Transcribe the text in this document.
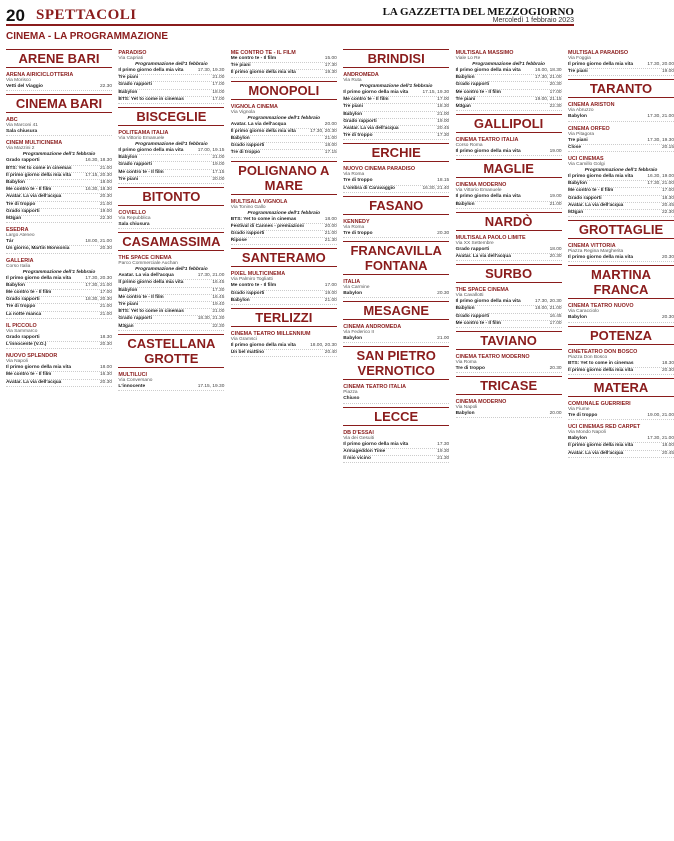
20 SPETTACOLI	LA GAZZETTA DEL MEZZOGIORNO
Mercoledì 1 febbraio 2023
CINEMA - LA PROGRAMMAZIONE
ARENE BARI
ARENA AIRICICLOTTERIA
Via Morisco
Vetti del Viaggio	22.30
CINEMA BARI
ABC
Via Marconi 41
Sala chiusura
CINEM MULTICINEMA
Via Mazzini 2
Programmazione dell'1 febbraio
Grado rapporti	16.30, 18.30
BTS: Yet to come in cinemas	21.00
Il primo giorno della mia vita	17.15, 20.30
Babylon	18.00
Me contro te - Il film	16.30, 18.30
Avatar. La via dell'acqua	20.30
Tre di troppo	21.00
Grado rapporti	19.00
M3gan	22.30
ESEDRA
Largo Ateneo
Tár	18.00, 21.00
Un giorno, Martin Monsonia	20.30
GALLERIA
Corso Italia
Programmazione dell'1 febbraio
Il primo giorno della mia vita	17.30, 20.30
Babylon	17.30, 21.00
Me contro te - Il film	17.00
Grado rapporti	18.30, 20.30
Tre di troppo	21.00
La notte manca	21.00
IL PICCOLO
Via Sammarco
Grado rapporti	18.30
L'innocente (V.O.)	20.30
NUOVO SPLENDOR
Via Napoli
Il primo giorno della mia vita	18.00
Me contro te - Il film	16.30
Avatar. La via dell'acqua	20.30
PARADISO
Via Capriati
Programmazione dell'1 febbraio
Il primo giorno della mia vita	17.30, 19.30
Tre piani	21.00
Grado rapporti	17.00
Babylon	18.00
BTS: Yet to come in cinemas	17.00
BISCEGLIE
POLITEAMA ITALIA
Via Vittorio Emanuele
Programmazione dell'1 febbraio
Il primo giorno della mia vita	17.00, 19.15
Babylon	21.00
Grado rapporti	19.00
Me contro te - Il film	17.15
Tre piani	20.00
BITONTO
COVIELLO
Via Repubblica
Sala chiusura
CASAMASSIMA
THE SPACE CINEMA
Parco Commerciale Auchan
Programmazione dell'1 febbraio
Avatar. La via dell'acqua	17.30, 21.00
Il primo giorno della mia vita	16.45
Babylon	17.30
Me contro te - Il film	16.45
Tre piani	19.40
BTS: Yet to come in cinemas	21.00
Grado rapporti	18.30, 21.30
M3gan	22.30
CASTELLANA GROTTE
MULTILUCI
Via Conversano
L'innocente	17.15, 19.30
ME CONTRO TE - IL FILM
Me contro te - Il film	15.00
Tre piani	17.30
Il primo giorno della mia vita	19.30
MONOPOLI
VIGNOLA CINEMA
Via Vignola
Programmazione dell'1 febbraio
Avatar. La via dell'acqua	20.00
Il primo giorno della mia vita	17.30, 20.30
Babylon	21.00
Grado rapporti	18.00
Tre di troppo	17.15
POLIGNANO A MARE
MULTISALA VIGNOLA
Via Tonino Gallo
Programmazione dell'1 febbraio
BTS: Yet to come in cinemas	18.00
Festival di Cannes - premiazioni	20.00
Grado rapporti	21.00
Ripose	21.30
SANTERAMO
PIXEL MULTICINEMA
Via Palmiro Togliatti
Me contro te - Il film	17.00
Grado rapporti	19.00
Babylon	21.00
TERLIZZI
CINEMA TEATRO MILLENNIUM
Via Gramsci
Il primo giorno della mia vita	18.00, 20.30
Un bel mattino	20.40
BRINDISI
ANDROMEDA
Via Ruta
Programmazione dell'1 febbraio
Il primo giorno della mia vita	17.15, 19.30
Me contro te - Il film	17.00
Tre piani	18.30
Babylon	21.00
Grado rapporti	19.00
Avatar. La via dell'acqua	20.45
Tre di troppo	17.30
ERCHIE
NUOVO CINEMA PARADISO
Via Roma
Tre di troppo	18.15
L'ombra di Caravaggio	16.30, 21.40
FASANO
KENNEDY
Via Roma
Tre di troppo	20.30
FRANCAVILLA FONTANA
ITALIA
Via Carmine
Babylon	20.30
MESAGNE
CINEMA ANDROMEDA
Via Federico II
Babylon	21.00
SAN PIETRO VERNOTICO
CINEMA TEATRO ITALIA
Piazza
Chiuso
LECCE
DB D'ESSAI
Via dei Gesuiti
Il primo giorno della mia vita	17.30
Armageddon Time	19.30
Il mio vicino	21.30
MULTISALA MASSIMO
Viale Lo Re
Programmazione dell'1 febbraio
Il primo giorno della mia vita	16.00, 18.30
Babylon	17.30, 21.00
Grado rapporti	20.30
Me contro te - Il film	17.00
Tre piani	19.00, 21.15
M3gan	22.30
GALLIPOLI
CINEMA TEATRO ITALIA
Corso Roma
Il primo giorno della mia vita	19.00
MAGLIE
CINEMA MODERNO
Via Vittorio Emanuele
Il primo giorno della mia vita	19.00
Babylon	21.00
NARDÒ
MULTISALA PAOLO LIMITE
Via XX Settembre
Grado rapporti	18.00
Avatar. La via dell'acqua	20.30
SURBO
THE SPACE CINEMA
Via Cavallotti
Il primo giorno della mia vita	17.30, 20.30
Babylon	18.00, 21.00
Grado rapporti	16.45
Me contro te - Il film	17.00
TAVIANO
CINEMA TEATRO MODERNO
Via Roma
Tre di troppo	20.30
TRICASE
CINEMA MODERNO
Via Napoli
Babylon	20.00
MULTISALA PARADISO
Via Foggia
Il primo giorno della mia vita	17.30, 20.00
Tre piani	19.00
TARANTO
CINEMA ARISTON
Via Abruzzo
Babylon	17.30, 21.00
CINEMA ORFEO
Via Pitagora
Tre piani	17.30, 19.30
Close	20.15
UCI CINEMAS
Via Camillo Golgi
Programmazione dell'1 febbraio
Il primo giorno della mia vita	16.30, 19.00
Babylon	17.30, 21.00
Me contro te - Il film	17.00
Grado rapporti	18.30
Avatar. La via dell'acqua	20.45
M3gan	22.30
GROTTAGLIE
CINEMA VITTORIA
Piazza Regina Margherita
Il primo giorno della mia vita	20.30
MARTINA FRANCA
CINEMA TEATRO NUOVO
Via Caracciolo
Babylon	20.30
POTENZA
CINETEATRO DON BOSCO
Piazza Don Bosco
BTS: Yet to come in cinemas	18.30
Il primo giorno della mia vita	20.30
MATERA
COMUNALE GUERRIERI
Via Fiume
Tre di troppo	19.00, 21.00
UCI CINEMAS RED CARPET
Via Mondo Napoli
Babylon	17.30, 21.00
Il primo giorno della mia vita	18.00
Avatar. La via dell'acqua	20.45
